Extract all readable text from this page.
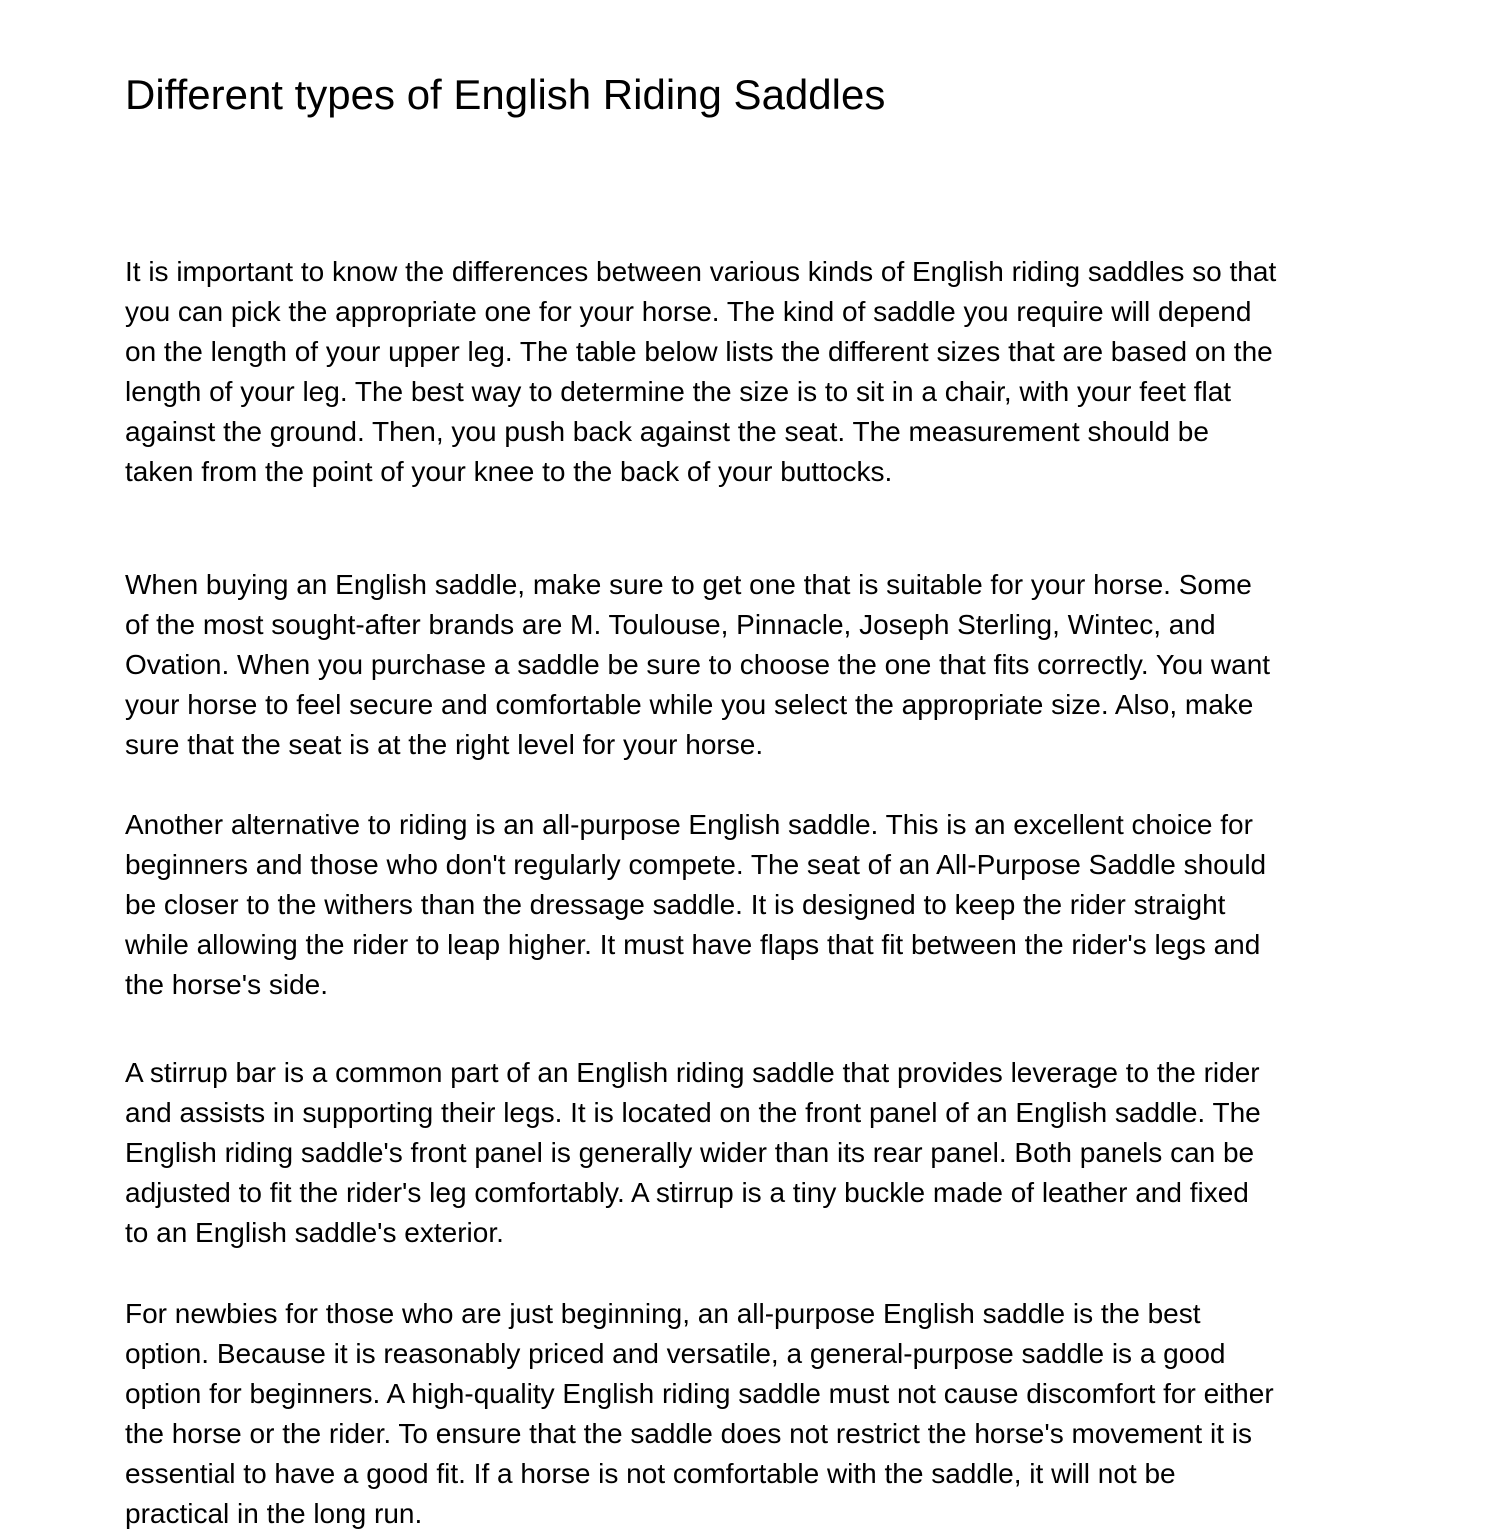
Different types of English Riding Saddles
It is important to know the differences between various kinds of English riding saddles so that
you can pick the appropriate one for your horse. The kind of saddle you require will depend
on the length of your upper leg. The table below lists the different sizes that are based on the
length of your leg. The best way to determine the size is to sit in a chair, with your feet flat
against the ground. Then, you push back against the seat. The measurement should be
taken from the point of your knee to the back of your buttocks.
When buying an English saddle, make sure to get one that is suitable for your horse. Some
of the most sought-after brands are M. Toulouse, Pinnacle, Joseph Sterling, Wintec, and
Ovation. When you purchase a saddle be sure to choose the one that fits correctly. You want
your horse to feel secure and comfortable while you select the appropriate size. Also, make
sure that the seat is at the right level for your horse.
Another alternative to riding is an all-purpose English saddle. This is an excellent choice for
beginners and those who don't regularly compete. The seat of an All-Purpose Saddle should
be closer to the withers than the dressage saddle. It is designed to keep the rider straight
while allowing the rider to leap higher. It must have flaps that fit between the rider's legs and
the horse's side.
A stirrup bar is a common part of an English riding saddle that provides leverage to the rider
and assists in supporting their legs. It is located on the front panel of an English saddle. The
English riding saddle's front panel is generally wider than its rear panel. Both panels can be
adjusted to fit the rider's leg comfortably. A stirrup is a tiny buckle made of leather and fixed
to an English saddle's exterior.
For newbies for those who are just beginning, an all-purpose English saddle is the best
option. Because it is reasonably priced and versatile, a general-purpose saddle is a good
option for beginners. A high-quality English riding saddle must not cause discomfort for either
the horse or the rider. To ensure that the saddle does not restrict the horse's movement it is
essential to have a good fit. If a horse is not comfortable with the saddle, it will not be
practical in the long run.
